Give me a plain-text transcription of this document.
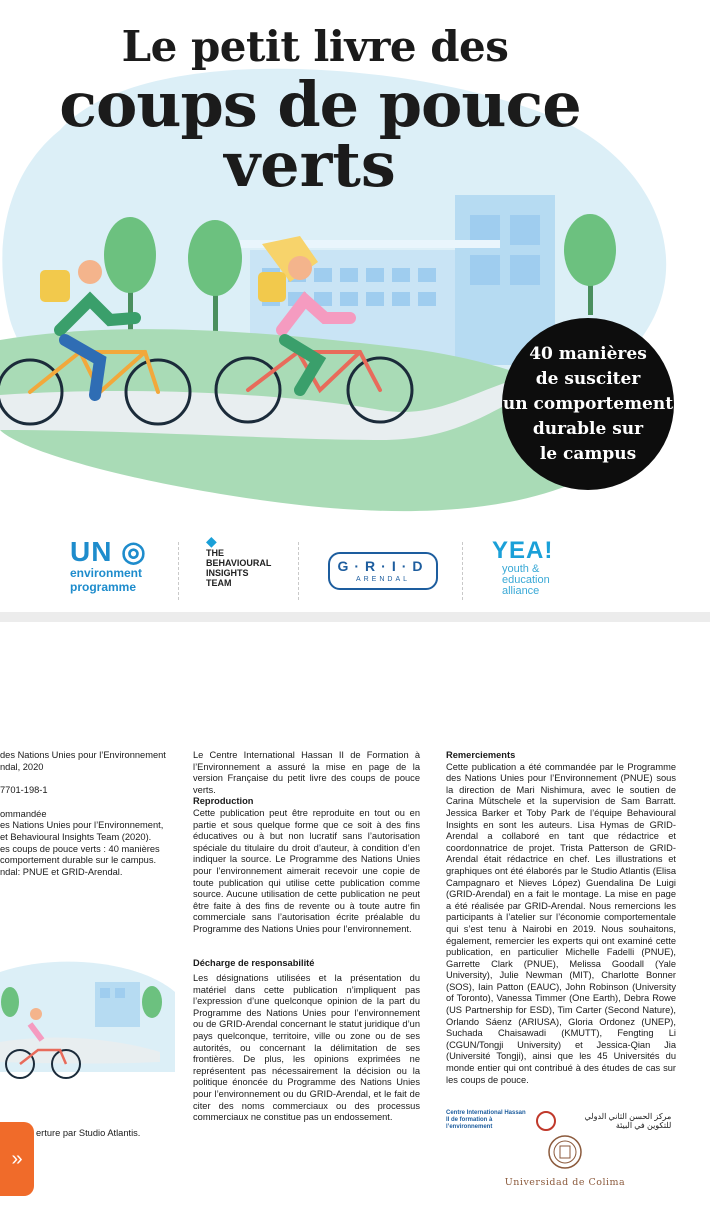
Le petit livre des
coups de pouce
verts
40 manières
de susciter
un comportement
durable sur
le campus
UN ◎
environment
programme
◆
THE
BEHAVIOURAL
INSIGHTS
TEAM
G·R·I·D
ARENDAL
YEA!
youth &
education
alliance

des Nations Unies pour l’Environnement
ndal, 2020

7701-198-1

ommandée
es Nations Unies pour l’Environnement,
et Behavioural Insights Team (2020).
es coups de pouce verts : 40 manières
comportement durable sur le campus.
ndal: PNUE et GRID-Arendal.

erture par Studio Atlantis.

Le Centre International Hassan II de Formation à l’Environnement a assuré la mise en page de la version Française du petit livre des coups de pouce verts.

Reproduction

Cette publication peut être reproduite en tout ou en partie et sous quelque forme que ce soit à des fins éducatives ou à but non lucratif sans l’autorisation spéciale du titulaire du droit d’auteur, à condition d’en indiquer la source. Le Programme des Nations Unies pour l’environnement aimerait recevoir une copie de toute publication qui utilise cette publication comme source. Aucune utilisation de cette publication ne peut être faite à des fins de revente ou à toute autre fin commerciale sans l’autorisation écrite préalable du Programme des Nations Unies pour l’environnement.

Décharge de responsabilité

Les désignations utilisées et la présentation du matériel dans cette publication n’impliquent pas l’expression d’une quelconque opinion de la part du Programme des Nations Unies pour l’environnement ou de GRID-Arendal concernant le statut juridique d’un pays quelconque, territoire, ville ou zone ou de ses autorités, ou concernant la délimitation de ses frontières. De plus, les opinions exprimées ne représentent pas nécessairement la décision ou la politique énoncée du Programme des Nations Unies pour l’environnement ou du GRID-Arendal, et le fait de citer des noms commerciaux ou des processus commerciaux ne constitue pas un endossement.

Remerciements

Cette publication a été commandée par le Programme des Nations Unies pour l’Environnement (PNUE) sous la direction de Mari Nishimura, avec le soutien de Carina Mütschele et la supervision de Sam Barratt. Jessica Barker et Toby Park de l’équipe Behavioural Insights en sont les auteurs. Lisa Hymas de GRID-Arendal a collaboré en tant que rédactrice et coordonnatrice de projet. Trista Patterson de GRID-Arendal était rédactrice en chef. Les illustrations et graphiques ont été élaborés par le Studio Atlantis (Elisa Campagnaro et Nieves López) Guendalina De Luigi (GRID-Arendal) en a fait le montage. La mise en page a été réalisée par GRID-Arendal. Nous remercions les participants à l’atelier sur l’économie comportementale qui s’est tenu à Nairobi en 2019. Nous souhaitons, également, remercier les experts qui ont examiné cette publication, en particulier Michelle Fadelli (PNUE), Garrette Clark (PNUE), Melissa Goodall (Yale University), Julie Newman (MIT), Charlotte Bonner (SOS), Iain Patton (EAUC), John Robinson (University of Toronto), Vanessa Timmer (One Earth), Debra Rowe (US Partnership for ESD), Tim Carter (Second Nature), Orlando Sáenz (ARIUSA), Gloria Ordonez (UNEP), Suchada Chaisawadi (KMUTT), Fengting Li (CGUN/Tongji University) et Jessica-Qian Jia (Université Tongji), ainsi que les 45 Universités du monde entier qui ont contribué à des études de cas sur les coups de pouce.

Centre International Hassan II de formation à l’environnement  مركز الحسن الثاني الدولي للتكوين في البيئة
Universidad de Colima
»
